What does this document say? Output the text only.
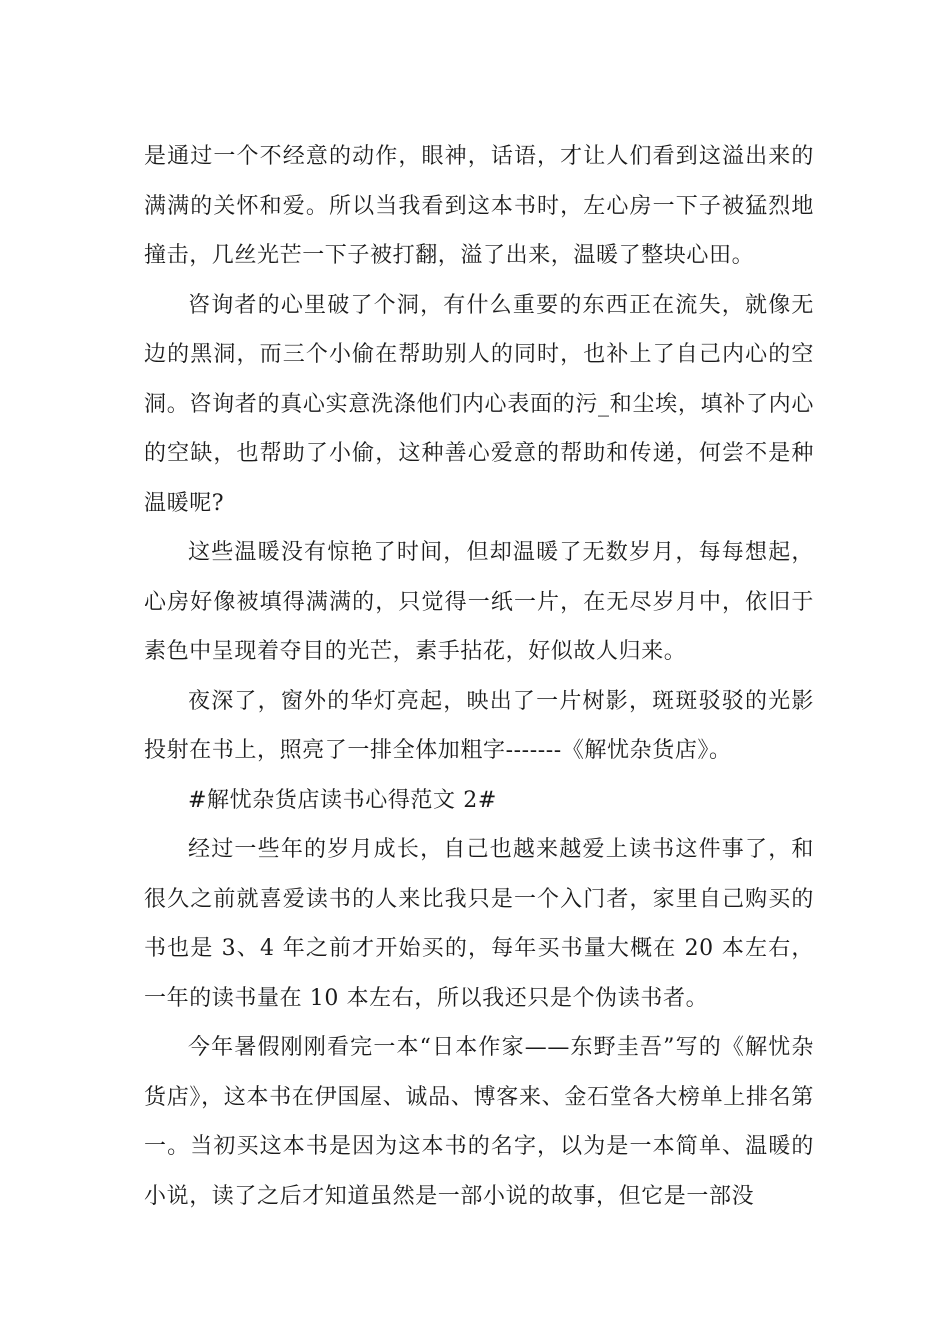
是通过一个不经意的动作，眼神，话语，才让人们看到这溢出来的满满的关怀和爱。所以当我看到这本书时，左心房一下子被猛烈地撞击，几丝光芒一下子被打翻，溢了出来，温暖了整块心田。

咨询者的心里破了个洞，有什么重要的东西正在流失，就像无边的黑洞，而三个小偷在帮助别人的同时，也补上了自己内心的空洞。咨询者的真心实意洗涤他们内心表面的污_和尘埃，填补了内心的空缺，也帮助了小偷，这种善心爱意的帮助和传递，何尝不是种温暖呢?

这些温暖没有惊艳了时间，但却温暖了无数岁月，每每想起，心房好像被填得满满的，只觉得一纸一片，在无尽岁月中，依旧于素色中呈现着夺目的光芒，素手拈花，好似故人归来。

夜深了，窗外的华灯亮起，映出了一片树影，斑斑驳驳的光影投射在书上，照亮了一排全体加粗字-------《解忧杂货店》。

#解忧杂货店读书心得范文 2#

经过一些年的岁月成长，自己也越来越爱上读书这件事了，和很久之前就喜爱读书的人来比我只是一个入门者，家里自己购买的书也是 3、4 年之前才开始买的，每年买书量大概在 20 本左右，一年的读书量在 10 本左右，所以我还只是个伪读书者。

今年暑假刚刚看完一本“日本作家——东野圭吾”写的《解忧杂货店》，这本书在伊国屋、诚品、博客来、金石堂各大榜单上排名第一。当初买这本书是因为这本书的名字，以为是一本简单、温暖的小说，读了之后才知道虽然是一部小说的故事，但它是一部没
